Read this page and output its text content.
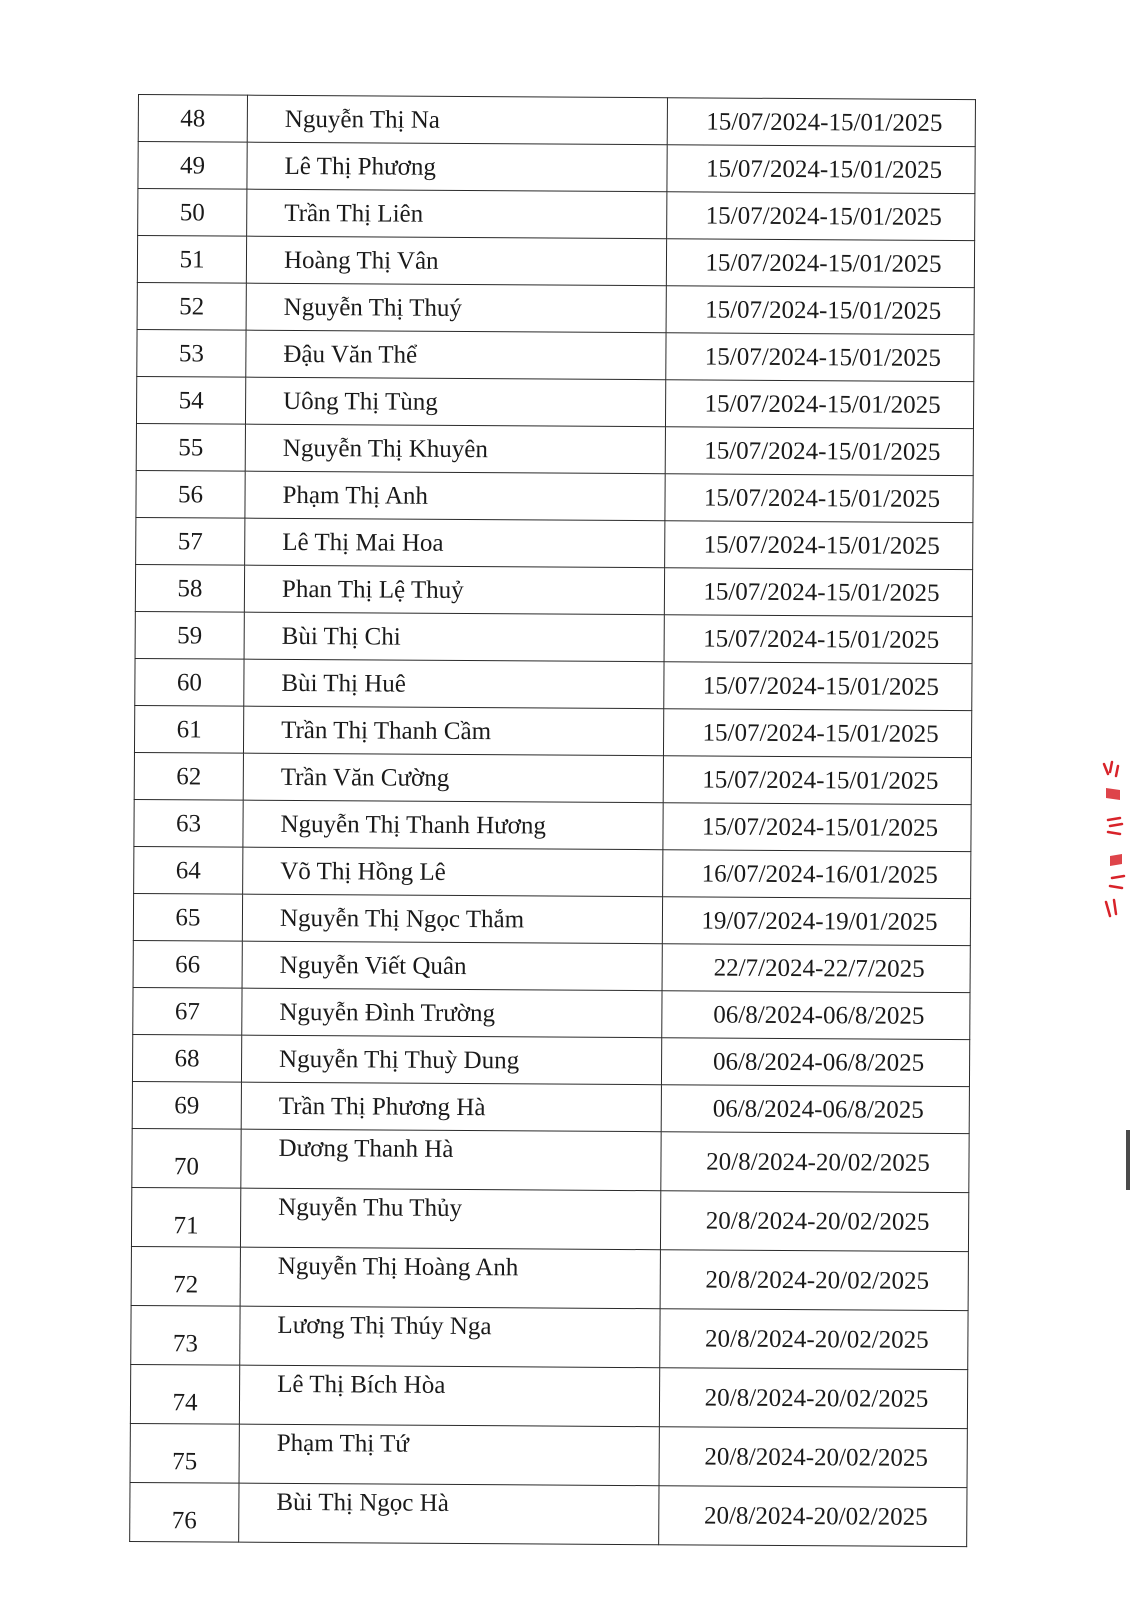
48	Nguyễn Thị Na	15/07/2024-15/01/2025
49	Lê Thị Phương	15/07/2024-15/01/2025
50	Trần Thị Liên	15/07/2024-15/01/2025
51	Hoàng Thị Vân	15/07/2024-15/01/2025
52	Nguyễn Thị Thuý	15/07/2024-15/01/2025
53	Đậu Văn Thể	15/07/2024-15/01/2025
54	Uông Thị Tùng	15/07/2024-15/01/2025
55	Nguyễn Thị Khuyên	15/07/2024-15/01/2025
56	Phạm Thị Anh	15/07/2024-15/01/2025
57	Lê Thị Mai Hoa	15/07/2024-15/01/2025
58	Phan Thị Lệ Thuỷ	15/07/2024-15/01/2025
59	Bùi Thị Chi	15/07/2024-15/01/2025
60	Bùi Thị Huê	15/07/2024-15/01/2025
61	Trần Thị Thanh Cầm	15/07/2024-15/01/2025
62	Trần Văn Cường	15/07/2024-15/01/2025
63	Nguyễn Thị Thanh Hương	15/07/2024-15/01/2025
64	Võ Thị Hồng Lê	16/07/2024-16/01/2025
65	Nguyễn Thị Ngọc Thắm	19/07/2024-19/01/2025
66	Nguyễn Viết Quân	22/7/2024-22/7/2025
67	Nguyễn Đình Trường	06/8/2024-06/8/2025
68	Nguyễn Thị Thuỳ Dung	06/8/2024-06/8/2025
69	Trần Thị Phương Hà	06/8/2024-06/8/2025
70	Dương Thanh Hà	20/8/2024-20/02/2025
71	Nguyễn Thu Thủy	20/8/2024-20/02/2025
72	Nguyễn Thị Hoàng Anh	20/8/2024-20/02/2025
73	Lương Thị Thúy Nga	20/8/2024-20/02/2025
74	Lê Thị Bích Hòa	20/8/2024-20/02/2025
75	Phạm Thị Tứ	20/8/2024-20/02/2025
76	Bùi Thị Ngọc Hà	20/8/2024-20/02/2025
